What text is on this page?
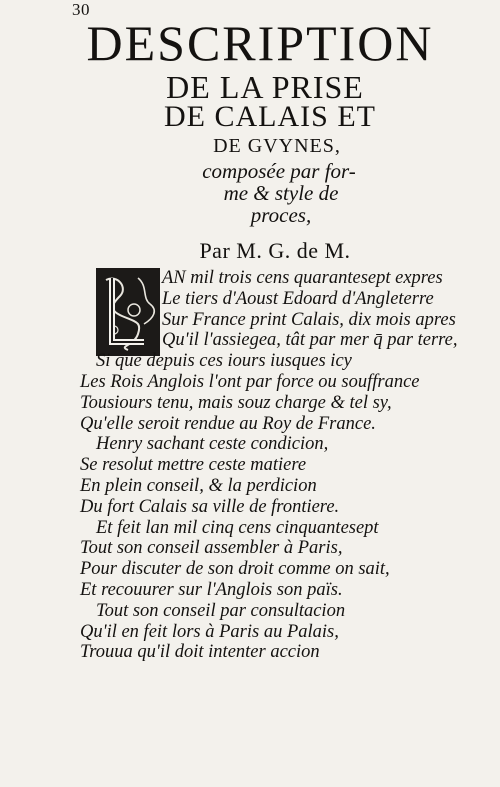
30
DESCRIPTION
DE LA PRISE
DE CALAIS ET
DE GVYNES,
composée par for-
me & style de
proces,
Par M. G. de M.
AN mil trois cens quarantesept expres
Le tiers d'Aoust Edoard d'Angleterre
Sur France print Calais, dix mois apres
Qu'il l'assiegea, tât par mer q̄ par terre,
Si que depuis ces iours iusques icy
Les Rois Anglois l'ont par force ou souffrance
Tousiours tenu, mais souz charge & tel sy,
Qu'elle seroit rendue au Roy de France.
Henry sachant ceste condicion,
Se resolut mettre ceste matiere
En plein conseil, & la perdicion
Du fort Calais sa ville de frontiere.
Et feit lan mil cinq cens cinquantesept
Tout son conseil assembler à Paris,
Pour discuter de son droit comme on sait,
Et recouurer sur l'Anglois son païs.
Tout son conseil par consultacion
Qu'il en feit lors à Paris au Palais,
Trouua qu'il doit intenter accion
